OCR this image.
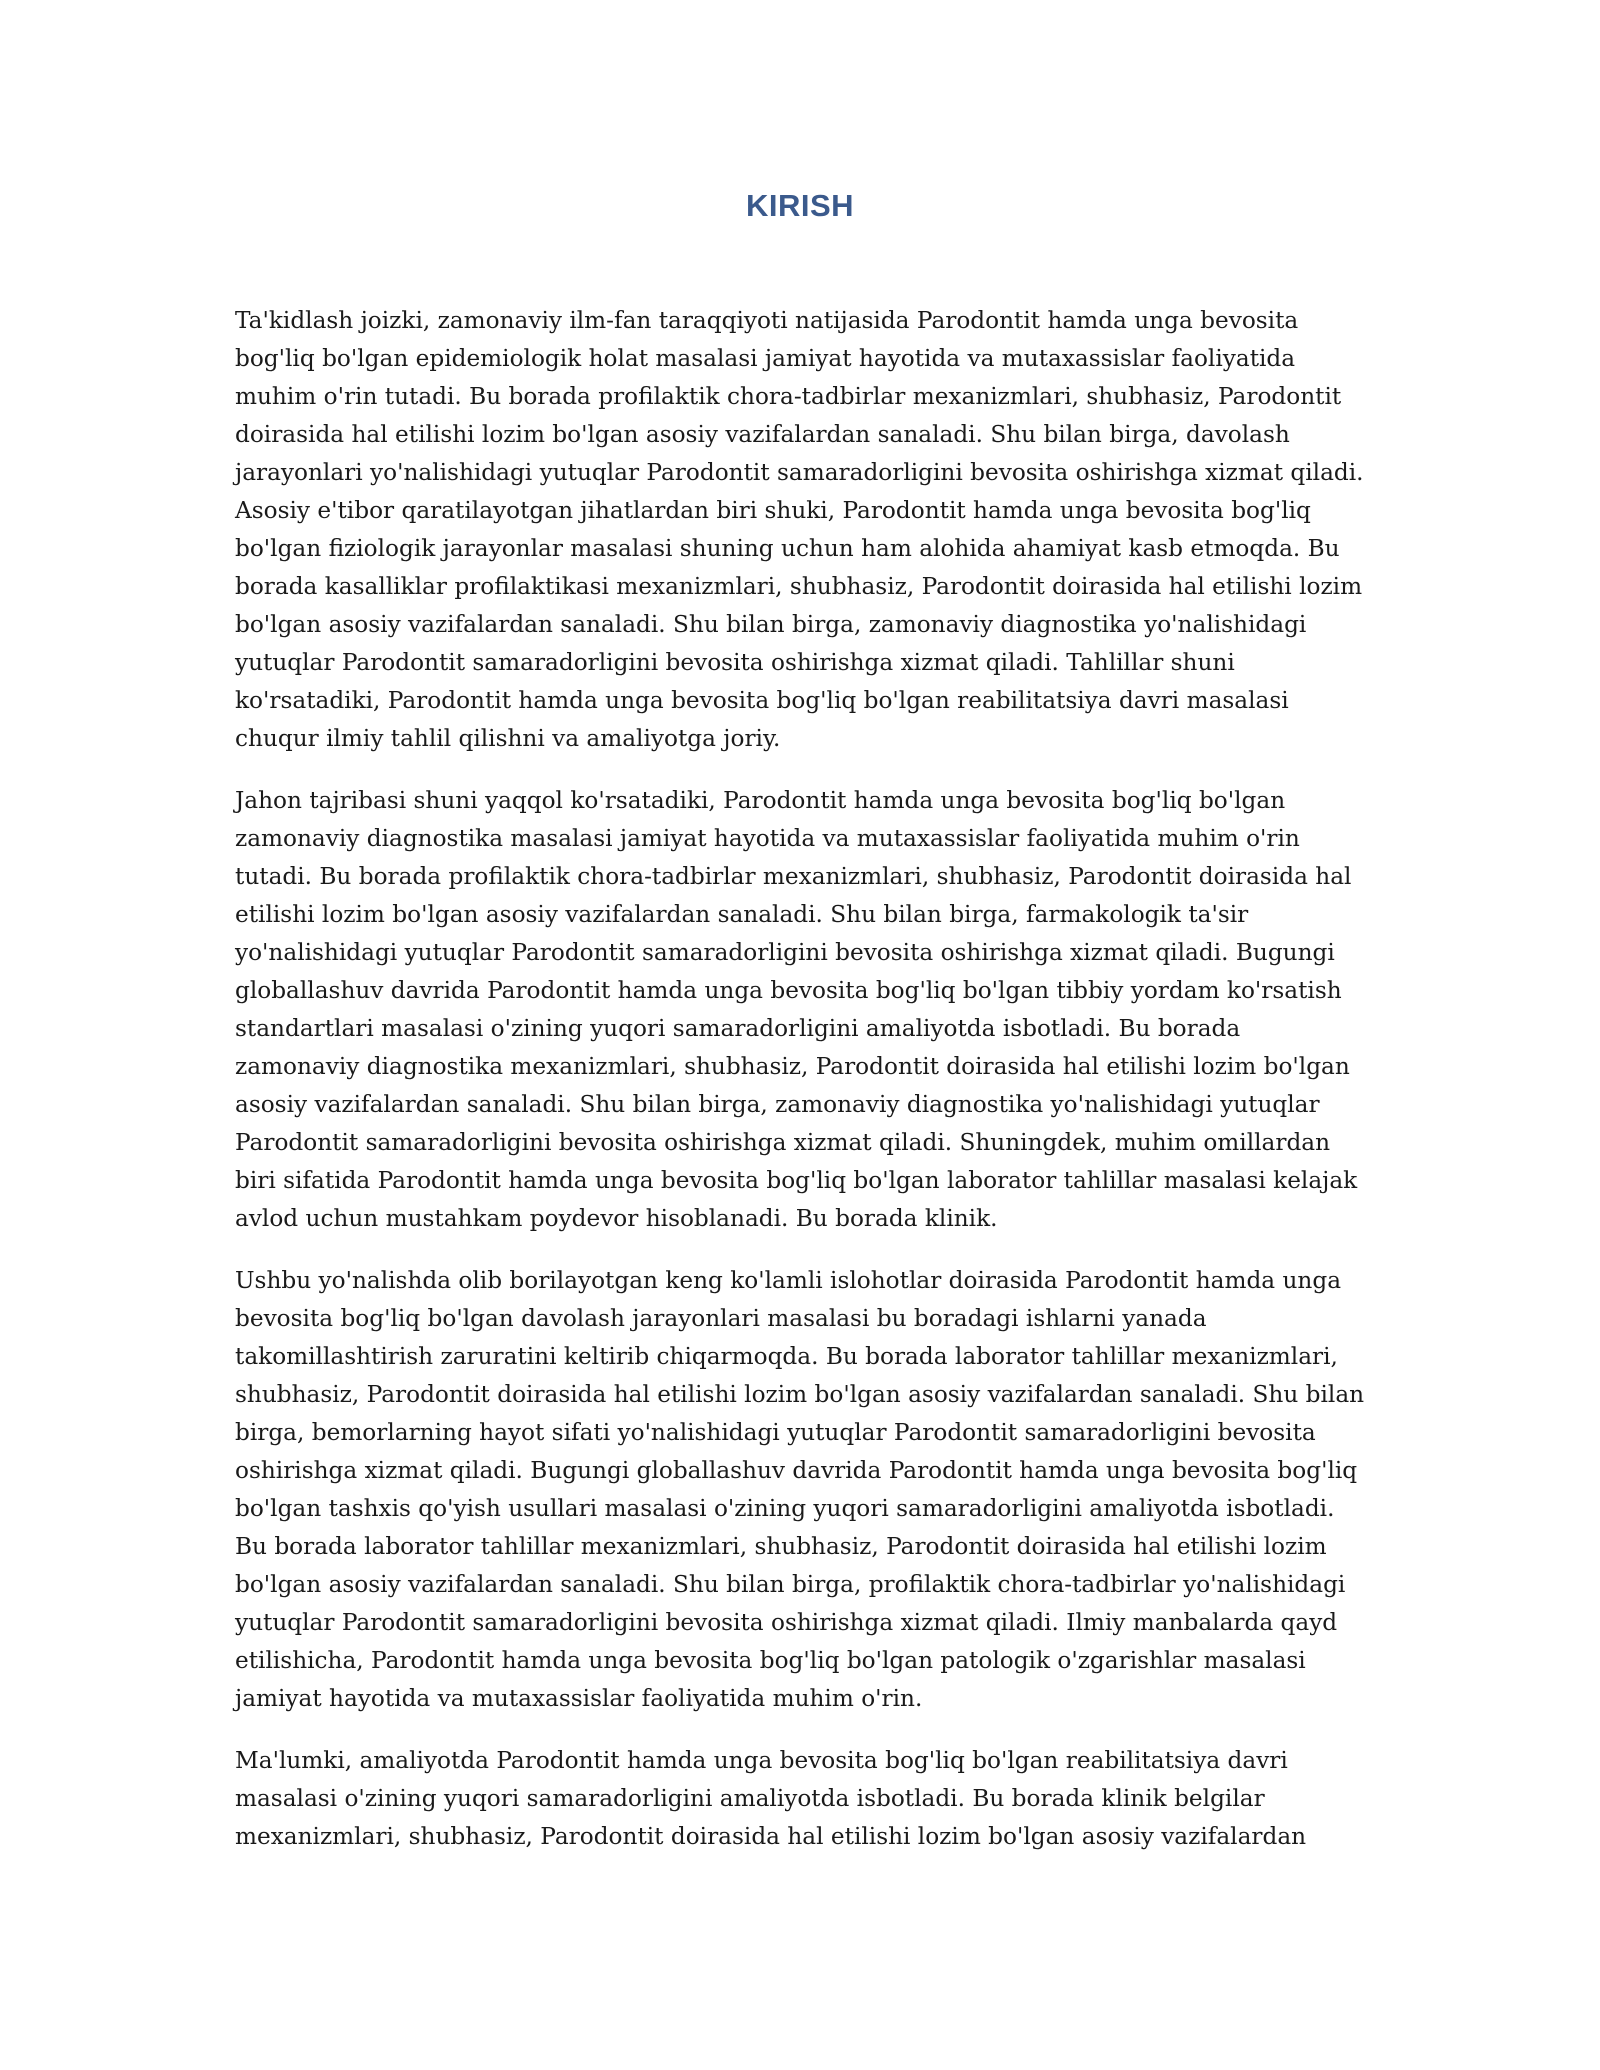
KIRISH

Ta'kidlash joizki, zamonaviy ilm-fan taraqqiyoti natijasida Parodontit hamda unga bevosita bog'liq bo'lgan epidemiologik holat masalasi jamiyat hayotida va mutaxassislar faoliyatida muhim o'rin tutadi. Bu borada profilaktik chora-tadbirlar mexanizmlari, shubhasiz, Parodontit doirasida hal etilishi lozim bo'lgan asosiy vazifalardan sanaladi. Shu bilan birga, davolash jarayonlari yo'nalishidagi yutuqlar Parodontit samaradorligini bevosita oshirishga xizmat qiladi. Asosiy e'tibor qaratilayotgan jihatlardan biri shuki, Parodontit hamda unga bevosita bog'liq bo'lgan fiziologik jarayonlar masalasi shuning uchun ham alohida ahamiyat kasb etmoqda. Bu borada kasalliklar profilaktikasi mexanizmlari, shubhasiz, Parodontit doirasida hal etilishi lozim bo'lgan asosiy vazifalardan sanaladi. Shu bilan birga, zamonaviy diagnostika yo'nalishidagi yutuqlar Parodontit samaradorligini bevosita oshirishga xizmat qiladi. Tahlillar shuni ko'rsatadiki, Parodontit hamda unga bevosita bog'liq bo'lgan reabilitatsiya davri masalasi chuqur ilmiy tahlil qilishni va amaliyotga joriy.

Jahon tajribasi shuni yaqqol ko'rsatadiki, Parodontit hamda unga bevosita bog'liq bo'lgan zamonaviy diagnostika masalasi jamiyat hayotida va mutaxassislar faoliyatida muhim o'rin tutadi. Bu borada profilaktik chora-tadbirlar mexanizmlari, shubhasiz, Parodontit doirasida hal etilishi lozim bo'lgan asosiy vazifalardan sanaladi. Shu bilan birga, farmakologik ta'sir yo'nalishidagi yutuqlar Parodontit samaradorligini bevosita oshirishga xizmat qiladi. Bugungi globallashuv davrida Parodontit hamda unga bevosita bog'liq bo'lgan tibbiy yordam ko'rsatish standartlari masalasi o'zining yuqori samaradorligini amaliyotda isbotladi. Bu borada zamonaviy diagnostika mexanizmlari, shubhasiz, Parodontit doirasida hal etilishi lozim bo'lgan asosiy vazifalardan sanaladi. Shu bilan birga, zamonaviy diagnostika yo'nalishidagi yutuqlar Parodontit samaradorligini bevosita oshirishga xizmat qiladi. Shuningdek, muhim omillardan biri sifatida Parodontit hamda unga bevosita bog'liq bo'lgan laborator tahlillar masalasi kelajak avlod uchun mustahkam poydevor hisoblanadi. Bu borada klinik.

Ushbu yo'nalishda olib borilayotgan keng ko'lamli islohotlar doirasida Parodontit hamda unga bevosita bog'liq bo'lgan davolash jarayonlari masalasi bu boradagi ishlarni yanada takomillashtirish zaruratini keltirib chiqarmoqda. Bu borada laborator tahlillar mexanizmlari, shubhasiz, Parodontit doirasida hal etilishi lozim bo'lgan asosiy vazifalardan sanaladi. Shu bilan birga, bemorlarning hayot sifati yo'nalishidagi yutuqlar Parodontit samaradorligini bevosita oshirishga xizmat qiladi. Bugungi globallashuv davrida Parodontit hamda unga bevosita bog'liq bo'lgan tashxis qo'yish usullari masalasi o'zining yuqori samaradorligini amaliyotda isbotladi. Bu borada laborator tahlillar mexanizmlari, shubhasiz, Parodontit doirasida hal etilishi lozim bo'lgan asosiy vazifalardan sanaladi. Shu bilan birga, profilaktik chora-tadbirlar yo'nalishidagi yutuqlar Parodontit samaradorligini bevosita oshirishga xizmat qiladi. Ilmiy manbalarda qayd etilishicha, Parodontit hamda unga bevosita bog'liq bo'lgan patologik o'zgarishlar masalasi jamiyat hayotida va mutaxassislar faoliyatida muhim o'rin.

Ma'lumki, amaliyotda Parodontit hamda unga bevosita bog'liq bo'lgan reabilitatsiya davri masalasi o'zining yuqori samaradorligini amaliyotda isbotladi. Bu borada klinik belgilar mexanizmlari, shubhasiz, Parodontit doirasida hal etilishi lozim bo'lgan asosiy vazifalardan
